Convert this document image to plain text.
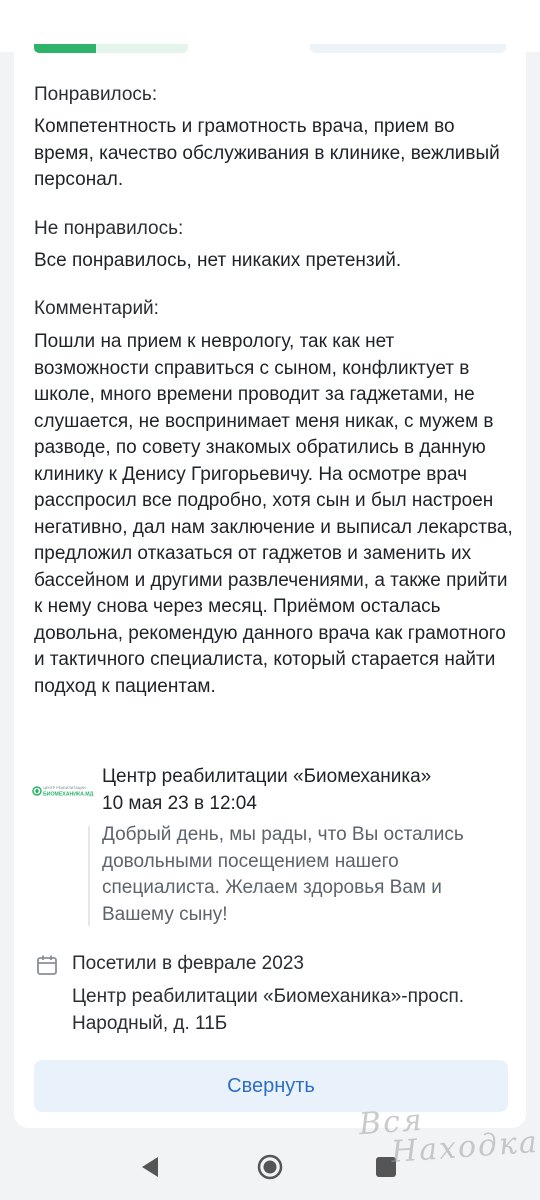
Понравилось:

Компетентность и грамотность врача, прием во время, качество обслуживания в клинике, вежливый персонал.

Не понравилось:

Все понравилось, нет никаких претензий.

Комментарий:

Пошли на прием к неврологу, так как нет возможности справиться с сыном, конфликтует в школе, много времени проводит за гаджетами, не слушается, не воспринимает меня никак, с мужем в разводе, по совету знакомых обратились в данную клинику к Денису Григорьевичу. На осмотре врач расспросил все подробно, хотя сын и был настроен негативно, дал нам заключение и выписал лекарства, предложил отказаться от гаджетов и заменить их бассейном и другими развлечениями, а также прийти к нему снова через месяц. Приёмом осталась довольна, рекомендую данного врача как грамотного и тактичного специалиста, который старается найти подход к пациентам.

ЦЕНТР РЕАБИЛИТАЦИИ
БИОМЕХАНИКА.МД
Центр реабилитации «Биомеханика»
10 мая 23 в 12:04

Добрый день, мы рады, что Вы остались довольными посещением нашего специалиста. Желаем здоровья Вам и Вашему сыну!

Посетили в феврале 2023

Центр реабилитации «Биомеханика»-просп. Народный, д. 11Б

Свернуть
Вся
Находка
